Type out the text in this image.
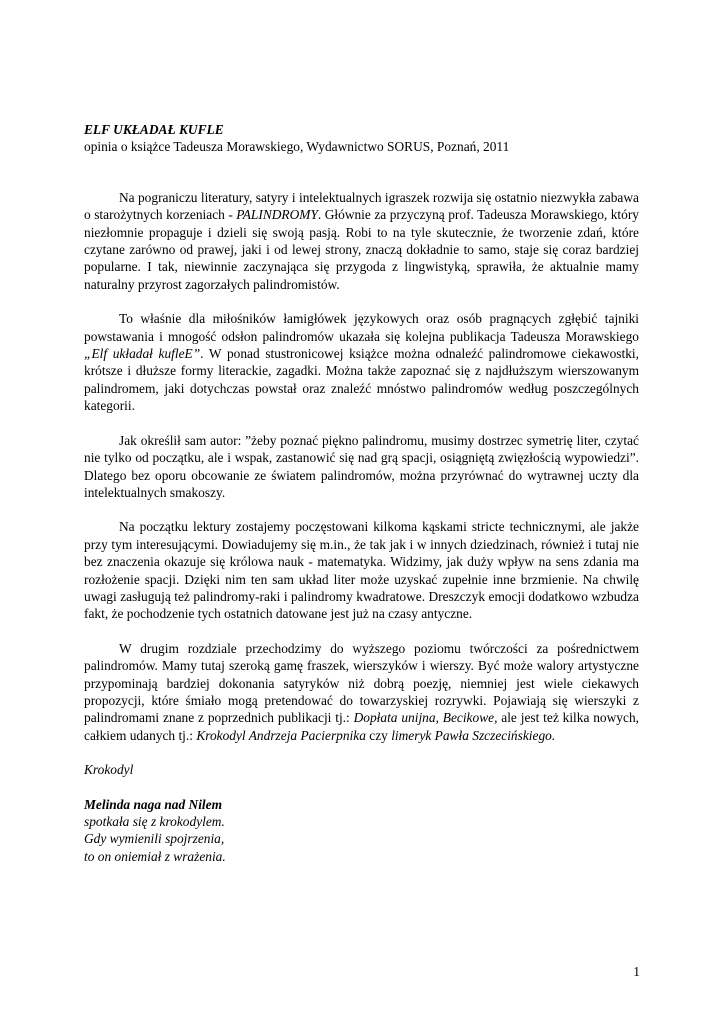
ELF UKŁADAŁ KUFLE

opinia o książce Tadeusza Morawskiego, Wydawnictwo SORUS, Poznań, 2011

Na pograniczu literatury, satyry i intelektualnych igraszek rozwija się ostatnio niezwykła zabawa o starożytnych korzeniach - PALINDROMY. Głównie za przyczyną prof. Tadeusza Morawskiego, który niezłomnie propaguje i dzieli się swoją pasją. Robi to na tyle skutecznie, że tworzenie zdań, które czytane zarówno od prawej, jaki i od lewej strony, znaczą dokładnie to samo, staje się coraz bardziej popularne. I tak, niewinnie zaczynająca się przygoda z lingwistyką, sprawiła, że aktualnie mamy naturalny przyrost zagorzałych palindromistów.

To właśnie dla miłośników łamigłówek językowych oraz osób pragnących zgłębić tajniki powstawania i mnogość odsłon palindromów ukazała się kolejna publikacja Tadeusza Morawskiego „Elf układał kufleE”. W ponad stustronicowej książce można odnaleźć palindromowe ciekawostki, krótsze i dłuższe formy literackie, zagadki. Można także zapoznać się z najdłuższym wierszowanym palindromem, jaki dotychczas powstał oraz znaleźć mnóstwo palindromów według poszczególnych kategorii.

Jak określił sam autor: ”żeby poznać piękno palindromu, musimy dostrzec symetrię liter, czytać nie tylko od początku, ale i wspak, zastanowić się nad grą spacji, osiągniętą zwięzłością wypowiedzi”. Dlatego bez oporu obcowanie ze światem palindromów, można przyrównać do wytrawnej uczty dla intelektualnych smakoszy.

Na początku lektury zostajemy poczęstowani kilkoma kąskami stricte technicznymi, ale jakże przy tym interesującymi. Dowiadujemy się m.in., że tak jak i w innych dziedzinach, również i tutaj nie bez znaczenia okazuje się królowa nauk - matematyka. Widzimy, jak duży wpływ na sens zdania ma rozłożenie spacji. Dzięki nim ten sam układ liter może uzyskać zupełnie inne brzmienie. Na chwilę uwagi zasługują też palindromy-raki i palindromy kwadratowe. Dreszczyk emocji dodatkowo wzbudza fakt, że pochodzenie tych ostatnich datowane jest już na czasy antyczne.

W drugim rozdziale przechodzimy do wyższego poziomu twórczości za pośrednictwem palindromów. Mamy tutaj szeroką gamę fraszek, wierszyków i wierszy. Być może walory artystyczne przypominają bardziej dokonania satyryków niż dobrą poezję, niemniej jest wiele ciekawych propozycji, które śmiało mogą pretendować do towarzyskiej rozrywki. Pojawiają się wierszyki z palindromami znane z poprzednich publikacji tj.: Dopłata unijna, Becikowe, ale jest też kilka nowych, całkiem udanych tj.: Krokodyl Andrzeja Pacierpnika czy limeryk Pawła Szczecińskiego.

Krokodyl

Melinda naga nad Nilem

spotkała się z krokodylem.

Gdy wymienili spojrzenia,

to on oniemiał z wrażenia.

1
